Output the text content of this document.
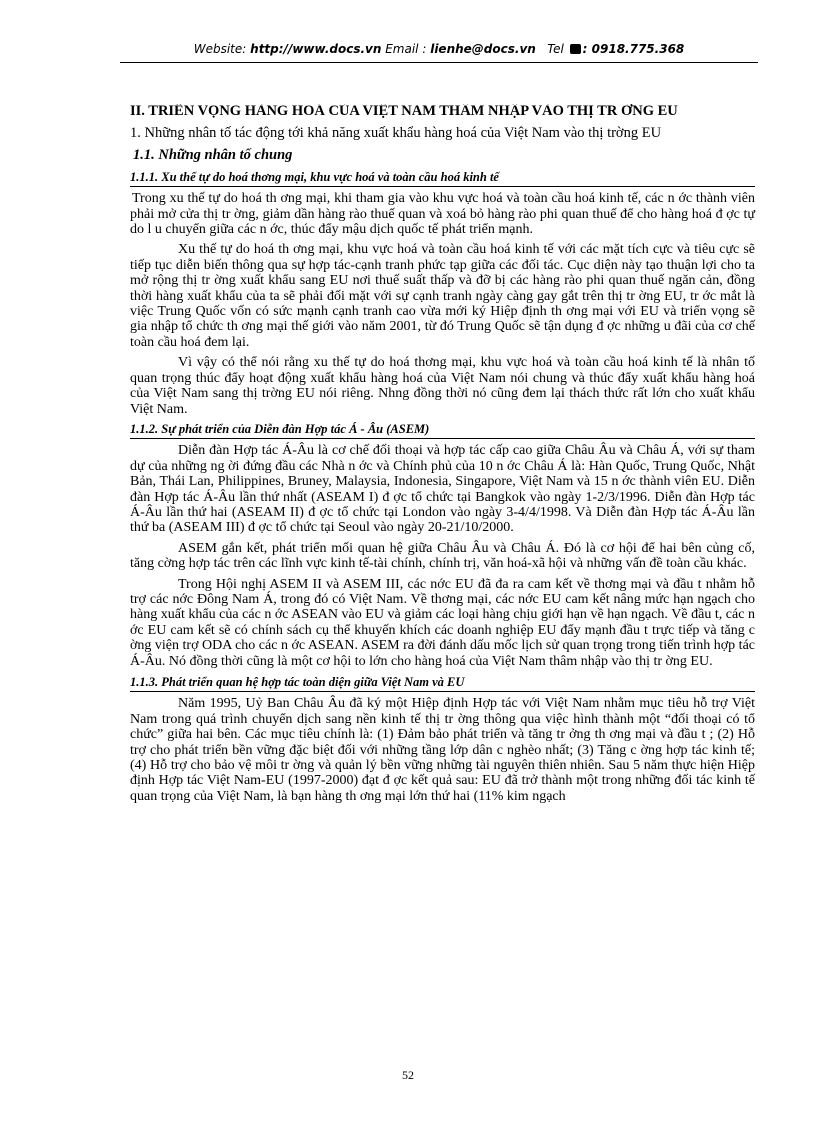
Website: http://www.docs.vn Email : lienhe@docs.vn Tel : 0918.775.368
II. TRIỂN VỌNG HÀNG HOÁ CỦA VIỆT NAM THÂM NHẬP VÀO THỊ TR ỜNG EU
1. Những nhân tố tác động tới khả năng xuất khẩu hàng hoá của Việt Nam vào thị trờng EU
1.1. Những nhân tố chung
1.1.1. Xu thế tự do hoá thơng mại, khu vực hoá và toàn cầu hoá kinh tế

Trong xu thế tự do hoá th ơng mại, khi tham gia vào khu vực hoá và toàn cầu hoá kinh tế, các n ớc thành viên phải mở cửa thị tr ờng, giảm dần hàng rào thuế quan và xoá bỏ hàng rào phi quan thuế để cho hàng hoá đ ợc tự do l u chuyển giữa các n ớc, thúc đẩy mậu dịch quốc tế phát triển mạnh.

Xu thế tự do hoá th ơng mại, khu vực hoá và toàn cầu hoá kinh tế với các mặt tích cực và tiêu cực sẽ tiếp tục diễn biến thông qua sự hợp tác-cạnh tranh phức tạp giữa các đối tác. Cục diện này tạo thuận lợi cho ta mở rộng thị tr ờng xuất khẩu sang EU nơi thuế suất thấp và đỡ bị các hàng rào phi quan thuế ngăn cản, đồng thời hàng xuất khẩu của ta sẽ phải đối mặt với sự cạnh tranh ngày càng gay gắt trên thị tr ờng EU, tr ớc mắt là việc Trung Quốc vốn có sức mạnh cạnh tranh cao vừa mới ký Hiệp định th ơng mại với EU và triển vọng sẽ gia nhập tổ chức th ơng mại thế giới vào năm 2001, từ đó Trung Quốc sẽ tận dụng đ ợc những u đãi của cơ chế toàn cầu hoá đem lại.

Vì vậy có thể nói rằng xu thế tự do hoá thơng mại, khu vực hoá và toàn cầu hoá kinh tế là nhân tố quan trọng thúc đẩy hoạt động xuất khẩu hàng hoá của Việt Nam nói chung và thúc đẩy xuất khẩu hàng hoá của Việt Nam sang thị trờng EU nói riêng. Nhng đồng thời nó cũng đem lại thách thức rất lớn cho xuất khẩu Việt Nam.

1.1.2. Sự phát triển của Diễn đàn Hợp tác Á - Âu (ASEM)

Diễn đàn Hợp tác Á-Âu là cơ chế đối thoại và hợp tác cấp cao giữa Châu Âu và Châu Á, với sự tham dự của những ng ời đứng đầu các Nhà n ớc và Chính phủ của 10 n ớc Châu Á là: Hàn Quốc, Trung Quốc, Nhật Bản, Thái Lan, Philippines, Bruney, Malaysia, Indonesia, Singapore, Việt Nam và 15 n ớc thành viên EU. Diễn đàn Hợp tác Á-Âu lần thứ nhất (ASEAM I) đ ợc tổ chức tại Bangkok vào ngày 1-2/3/1996. Diễn đàn Hợp tác Á-Âu lần thứ hai (ASEAM II) đ ợc tổ chức tại London vào ngày 3-4/4/1998. Và Diễn đàn Hợp tác Á-Âu lần thứ ba (ASEAM III) đ ợc tổ chức tại Seoul vào ngày 20-21/10/2000.

ASEM gắn kết, phát triển mối quan hệ giữa Châu Âu và Châu Á. Đó là cơ hội để hai bên củng cố, tăng cờng hợp tác trên các lĩnh vực kinh tế-tài chính, chính trị, văn hoá-xã hội và những vấn đề toàn cầu khác.

Trong Hội nghị ASEM II và ASEM III, các nớc EU đã đa ra cam kết về thơng mại và đầu t nhằm hỗ trợ các nớc Đông Nam Á, trong đó có Việt Nam. Về thơng mại, các nớc EU cam kết nâng mức hạn ngạch cho hàng xuất khẩu của các n ớc ASEAN vào EU và giảm các loại hàng chịu giới hạn về hạn ngạch. Về đầu t, các n ớc EU cam kết sẽ có chính sách cụ thể khuyến khích các doanh nghiệp EU đẩy mạnh đầu t trực tiếp và tăng c ờng viện trợ ODA cho các n ớc ASEAN. ASEM ra đời đánh dấu mốc lịch sử quan trọng trong tiến trình hợp tác Á-Âu. Nó đồng thời cũng là một cơ hội to lớn cho hàng hoá của Việt Nam thâm nhập vào thị tr ờng EU.

1.1.3. Phát triển quan hệ hợp tác toàn diện giữa Việt Nam và EU

Năm 1995, Uỷ Ban Châu Âu đã ký một Hiệp định Hợp tác với Việt Nam nhằm mục tiêu hỗ trợ Việt Nam trong quá trình chuyển dịch sang nền kinh tế thị tr ờng thông qua việc hình thành một “đối thoại có tổ chức” giữa hai bên. Các mục tiêu chính là: (1) Đảm bảo phát triển và tăng tr ởng th ơng mại và đầu t ; (2) Hỗ trợ cho phát triển bền vững đặc biệt đối với những tầng lớp dân c nghèo nhất; (3) Tăng c ờng hợp tác kinh tế; (4) Hỗ trợ cho bảo vệ môi tr ờng và quản lý bền vững những tài nguyên thiên nhiên. Sau 5 năm thực hiện Hiệp định Hợp tác Việt Nam-EU (1997-2000) đạt đ ợc kết quả sau: EU đã trở thành một trong những đối tác kinh tế quan trọng của Việt Nam, là bạn hàng th ơng mại lớn thứ hai (11% kim ngạch

52
